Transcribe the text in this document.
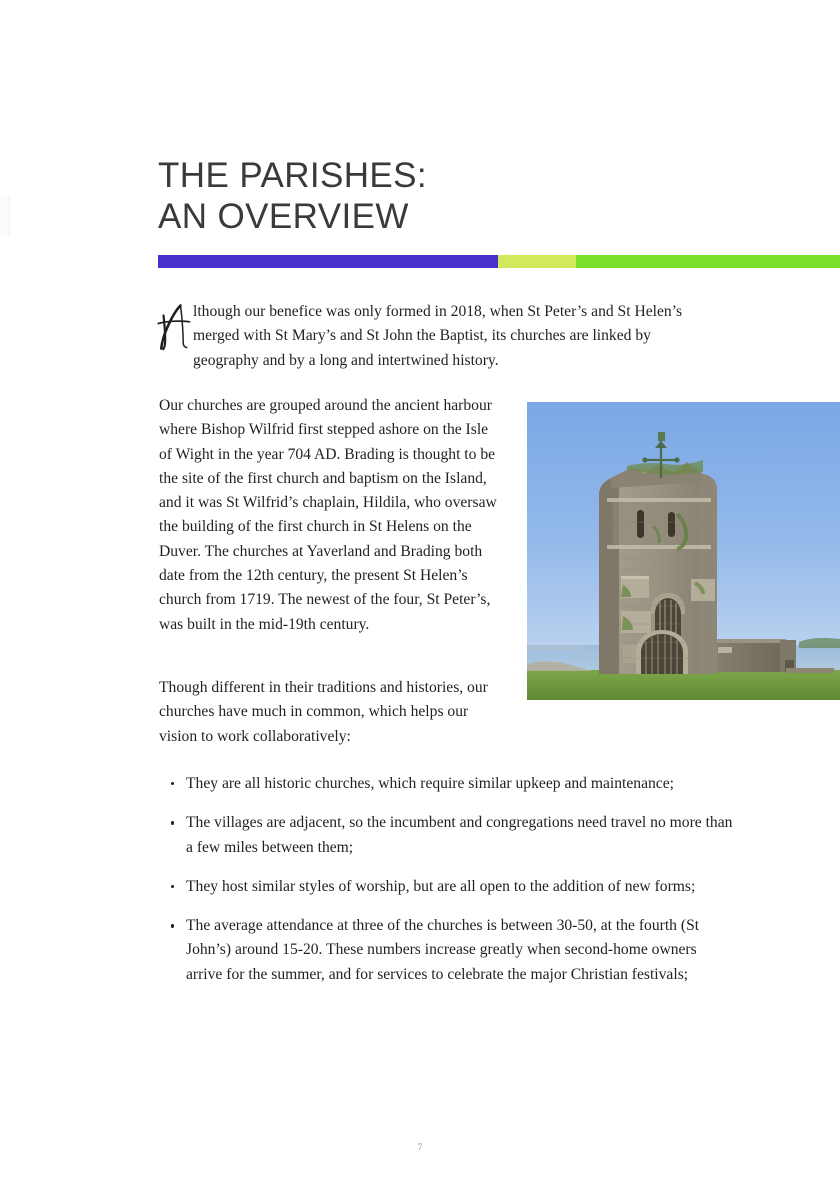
THE PARISHES:
AN OVERVIEW

lthough our benefice was only formed in 2018, when St Peter’s and St Helen’s merged with St Mary’s and St John the Baptist, its churches are linked by geography and by a long and intertwined history.

Our churches are grouped around the ancient harbour where Bishop Wilfrid first stepped ashore on the Isle of Wight in the year 704 AD. Brading is thought to be the site of the first church and baptism on the Island, and it was St Wilfrid’s chaplain, Hildila, who oversaw the building of the first church in St Helens on the Duver. The churches at Yaverland and Brading both date from the 12th century, the present St Helen’s church from 1719. The newest of the four, St Peter’s, was built in the mid-19th century.

Though different in their traditions and histories, our churches have much in common, which helps our vision to work collaboratively:

They are all historic churches, which require similar upkeep and maintenance;
The villages are adjacent, so the incumbent and congregations need travel no more than a few miles between them;
They host similar styles of worship, but are all open to the addition of new forms;
The average attendance at three of the churches is between 30-50, at the fourth (St John’s) around 15-20. These numbers increase greatly when second-home owners arrive for the summer, and for services to celebrate the major Christian festivals;
7
